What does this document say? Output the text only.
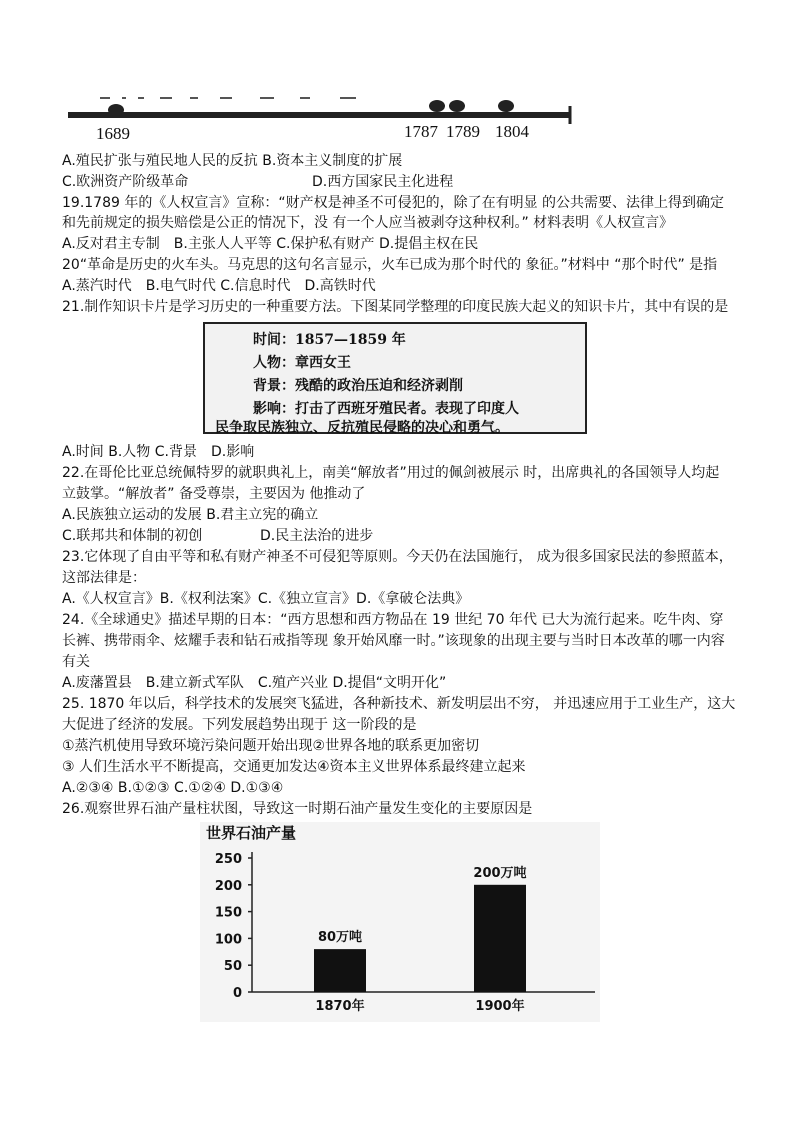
1689	1787 1789 1804
A.殖民扩张与殖民地人民的反抗 B.资本主义制度的扩展
C.欧洲资产阶级革命	D.西方国家民主化进程
19.1789 年的《人权宣言》宣称：“财产权是神圣不可侵犯的，除了在有明显 的公共需要、法律上得到确定
和先前规定的损失赔偿是公正的情况下，没 有一个人应当被剥夺这种权利。” 材料表明《人权宣言》
A.反对君主专制　B.主张人人平等 C.保护私有财产 D.提倡主权在民
20“革命是历史的火车头。马克思的这句名言显示，火车已成为那个时代的 象征。”材料中 “那个时代” 是指
A.蒸汽时代　B.电气时代 C.信息时代　D.高铁时代
21.制作知识卡片是学习历史的一种重要方法。下图某同学整理的印度民族大起义的知识卡片，其中有误的是
时间：1857—1859 年
人物：章西女王
背景：残酷的政治压迫和经济剥削
影响：打击了西班牙殖民者。表现了印度人
民争取民族独立、反抗殖民侵略的决心和勇气。
A.时间 B.人物 C.背景　D.影响
22.在哥伦比亚总统佩特罗的就职典礼上，南美“解放者”用过的佩剑被展示 时，出席典礼的各国领导人均起
立鼓掌。“解放者” 备受尊崇，主要因为 他推动了
A.民族独立运动的发展 B.君主立宪的确立
C.联邦共和体制的初创	D.民主法治的进步
23.它体现了自由平等和私有财产神圣不可侵犯等原则。今天仍在法国施行， 成为很多国家民法的参照蓝本，
这部法律是：
A.《人权宣言》B.《权利法案》C.《独立宣言》D.《拿破仑法典》
24.《全球通史》描述早期的日本：“西方思想和西方物品在 19 世纪 70 年代 已大为流行起来。吃牛肉、穿
长裤、携带雨伞、炫耀手表和钻石戒指等现 象开始风靡一时。”该现象的出现主要与当时日本改革的哪一内容
有关
A.废藩置县　B.建立新式军队　C.殖产兴业 D.提倡“文明开化”
25. 1870 年以后，科学技术的发展突飞猛进，各种新技术、新发明层出不穷， 并迅速应用于工业生产，这大
大促进了经济的发展。下列发展趋势出现于 这一阶段的是
①蒸汽机使用导致环境污染问题开始出现②世界各地的联系更加密切
③ 人们生活水平不断提高，交通更加发达④资本主义世界体系最终建立起来
A.②③④ B.①②③ C.①②④ D.①③④
26.观察世界石油产量柱状图，导致这一时期石油产量发生变化的主要原因是
世界石油产量
0
50
100
150
200
250
80万吨
1870年
200万吨
1900年
